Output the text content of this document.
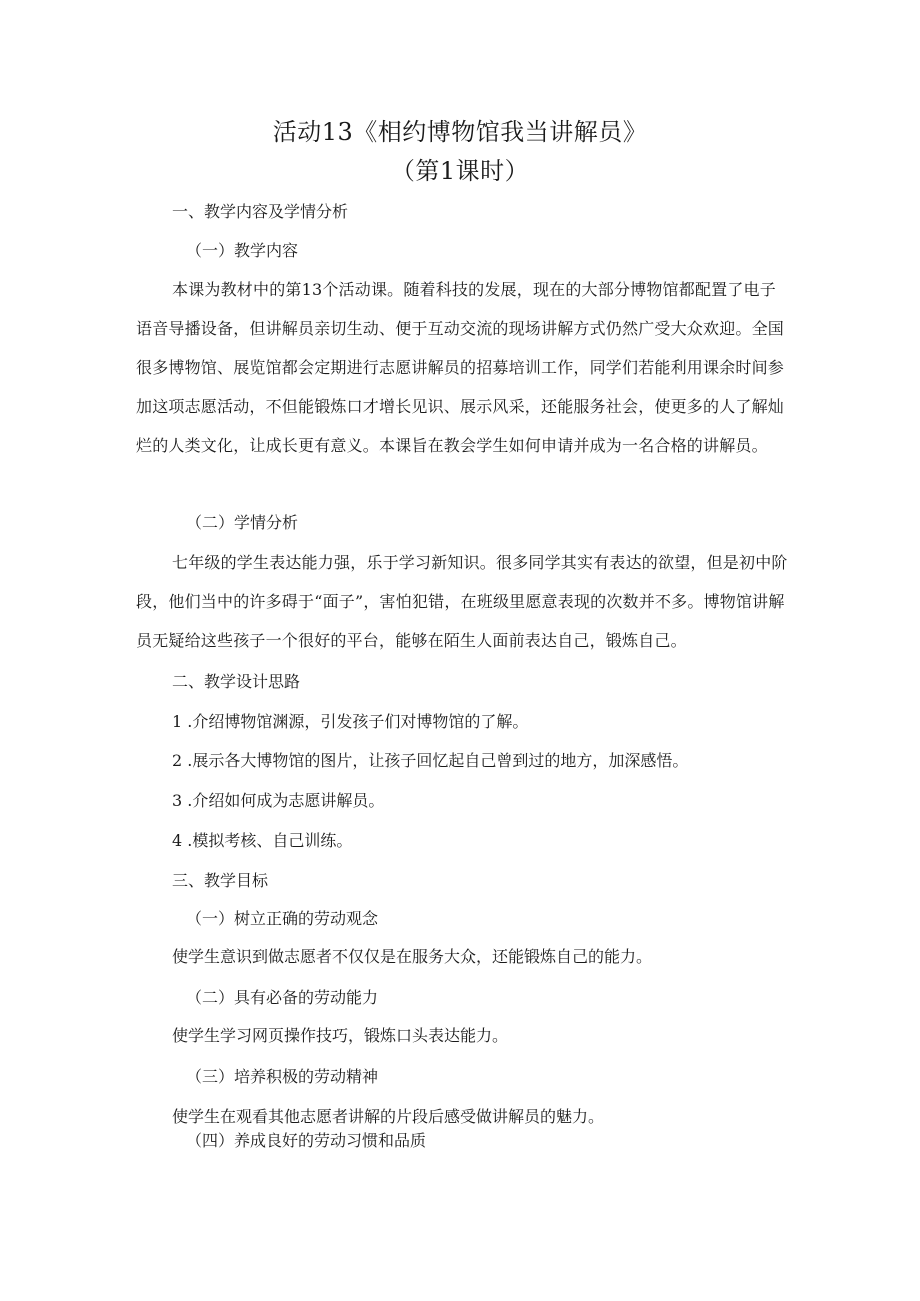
活动13《相约博物馆我当讲解员》
（第1课时）
一、教学内容及学情分析
（一）教学内容

本课为教材中的第13个活动课。随着科技的发展，现在的大部分博物馆都配置了电子语音导播设备，但讲解员亲切生动、便于互动交流的现场讲解方式仍然广受大众欢迎。全国很多博物馆、展览馆都会定期进行志愿讲解员的招募培训工作，同学们若能利用课余时间参加这项志愿活动，不但能锻炼口才增长见识、展示风采，还能服务社会，使更多的人了解灿烂的人类文化，让成长更有意义。本课旨在教会学生如何申请并成为一名合格的讲解员。

（二）学情分析

七年级的学生表达能力强，乐于学习新知识。很多同学其实有表达的欲望，但是初中阶段，他们当中的许多碍于“面子”，害怕犯错，在班级里愿意表现的次数并不多。博物馆讲解员无疑给这些孩子一个很好的平台，能够在陌生人面前表达自己，锻炼自己。

二、教学设计思路
1 .介绍博物馆渊源，引发孩子们对博物馆的了解。
2 .展示各大博物馆的图片，让孩子回忆起自己曾到过的地方，加深感悟。
3 .介绍如何成为志愿讲解员。
4 .模拟考核、自己训练。
三、教学目标
（一）树立正确的劳动观念
使学生意识到做志愿者不仅仅是在服务大众，还能锻炼自己的能力。
（二）具有必备的劳动能力
使学生学习网页操作技巧，锻炼口头表达能力。
（三）培养积极的劳动精神
使学生在观看其他志愿者讲解的片段后感受做讲解员的魅力。
（四）养成良好的劳动习惯和品质
